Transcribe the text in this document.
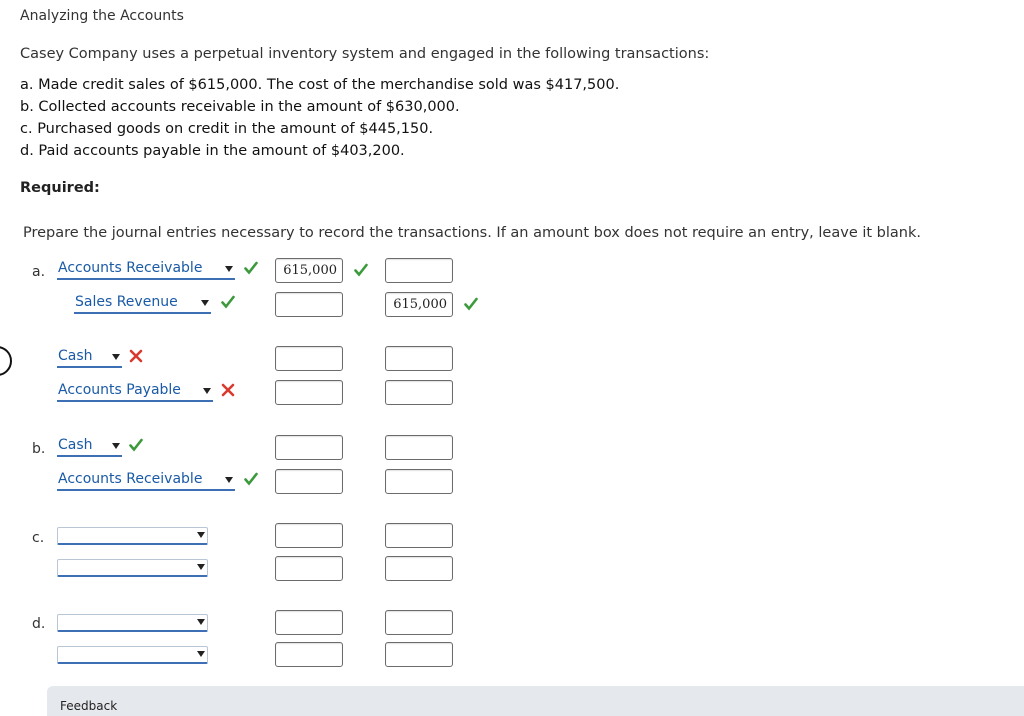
Analyzing the Accounts
Casey Company uses a perpetual inventory system and engaged in the following transactions:
a. Made credit sales of $615,000. The cost of the merchandise sold was $417,500.
b. Collected accounts receivable in the amount of $630,000.
c. Purchased goods on credit in the amount of $445,150.
d. Paid accounts payable in the amount of $403,200.
Required:
Prepare the journal entries necessary to record the transactions. If an amount box does not require an entry, leave it blank.
a.
b.
c.
d.
Accounts Receivable	615,000
Sales Revenue	615,000
Cash
Accounts Payable
Cash
Accounts Receivable
Feedback
